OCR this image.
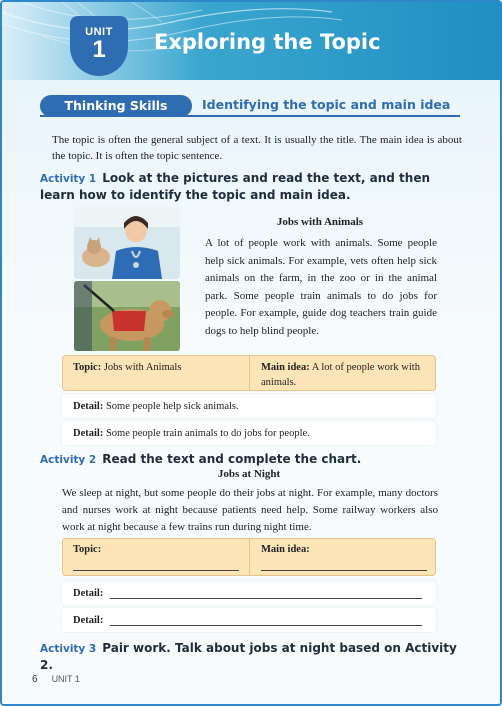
UNIT
1	Exploring the Topic
Thinking Skills	Identifying the topic and main idea
The topic is often the general subject of a text. It is usually the title. The main idea is about the topic. It is often the topic sentence.
Activity 1 Look at the pictures and read the text, and then learn how to identify the topic and main idea.
Jobs with Animals
A lot of people work with animals. Some people help sick animals. For example, vets often help sick animals on the farm, in the zoo or in the animal park. Some people train animals to do jobs for people. For example, guide dog teachers train guide dogs to help blind people.
Topic: Jobs with Animals	Main idea: A lot of people work with animals.
Detail: Some people help sick animals.
Detail: Some people train animals to do jobs for people.
Activity 2 Read the text and complete the chart.
Jobs at Night
We sleep at night, but some people do their jobs at night. For example, many doctors and nurses work at night because patients need help. Some railway workers also work at night because a few trains run during night time.
Topic:	Main idea:
Detail:
Detail:
Activity 3 Pair work. Talk about jobs at night based on Activity 2.
6 UNIT 1
